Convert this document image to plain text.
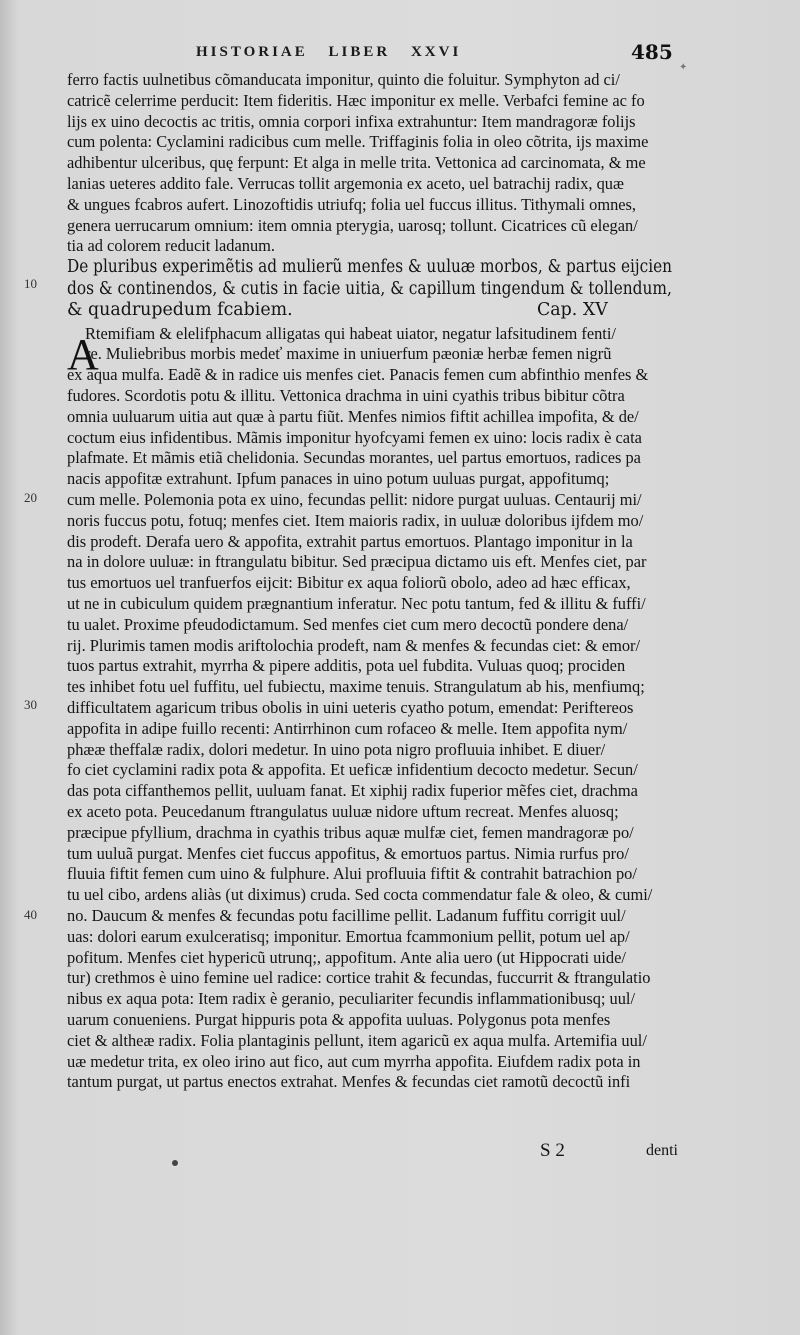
✦
HISTORIAE LIBER XXVI	485
10
20
30
40
ferro factis uulnetibus cõmanducata imponitur, quinto die foluitur. Symphyton ad ci/
catricẽ celerrime perducit: Item fideritis. Hæc imponitur ex melle. Verbafci femine ac fo
lijs ex uino decoctis ac tritis, omnia corpori infixa extrahuntur: Item mandragoræ folijs
cum polenta: Cyclamini radicibus cum melle. Triffaginis folia in oleo cõtrita, ijs maxime
adhibentur ulceribus, quę ferpunt: Et alga in melle trita. Vettonica ad carcinomata, & me
lanias ueteres addito fale. Verrucas tollit argemonia ex aceto, uel batrachij radix, quæ
& ungues fcabros aufert. Linozoftidis utriufq; folia uel fuccus illitus. Tithymali omnes,
genera uerrucarum omnium: item omnia pterygia, uarosq; tollunt. Cicatrices cũ elegan/
tia ad colorem reducit ladanum.
De pluribus experimẽtis ad mulierũ menfes & uuluæ morbos, & partus eijcien
dos & continendos, & cutis in facie uitia, & capillum tingendum & tollendum,
& quadrupedum fcabiem.	Cap. XV
Rtemifiam & elelifphacum alligatas qui habeat uiator, negatur lafsitudinem fenti/
re. Muliebribus morbis medeť maxime in uniuerfum pæoniæ herbæ femen nigrũ
ex aqua mulfa. Eadẽ & in radice uis menfes ciet. Panacis femen cum abfinthio menfes &
fudores. Scordotis potu & illitu. Vettonica drachma in uini cyathis tribus bibitur cõtra
omnia uuluarum uitia aut quæ à partu fiũt. Menfes nimios fiftit achillea impofita, & de/
coctum eius infidentibus. Mãmis imponitur hyofcyami femen ex uino: locis radix è cata
plafmate. Et mãmis etiã chelidonia. Secundas morantes, uel partus emortuos, radices pa
nacis appofitæ extrahunt. Ipfum panaces in uino potum uuluas purgat, appofitumq;
cum melle. Polemonia pota ex uino, fecundas pellit: nidore purgat uuluas. Centaurij mi/
noris fuccus potu, fotuq; menfes ciet. Item maioris radix, in uuluæ doloribus ijfdem mo/
dis prodeft. Derafa uero & appofita, extrahit partus emortuos. Plantago imponitur in la
na in dolore uuluæ: in ftrangulatu bibitur. Sed præcipua dictamo uis eft. Menfes ciet, par
tus emortuos uel tranfuerfos eijcit: Bibitur ex aqua foliorũ obolo, adeo ad hæc efficax,
ut ne in cubiculum quidem prægnantium inferatur. Nec potu tantum, fed & illitu & fuffi/
tu ualet. Proxime pfeudodictamum. Sed menfes ciet cum mero decoctũ pondere dena/
rij. Plurimis tamen modis ariftolochia prodeft, nam & menfes & fecundas ciet: & emor/
tuos partus extrahit, myrrha & pipere additis, pota uel fubdita. Vuluas quoq; prociden
tes inhibet fotu uel fuffitu, uel fubiectu, maxime tenuis. Strangulatum ab his, menfiumq;
difficultatem agaricum tribus obolis in uini ueteris cyatho potum, emendat: Periftereos
appofita in adipe fuillo recenti: Antirrhinon cum rofaceo & melle. Item appofita nym/
phææ theffalæ radix, dolori medetur. In uino pota nigro profluuia inhibet. E diuer/
fo ciet cyclamini radix pota & appofita. Et ueficæ infidentium decocto medetur. Secun/
das pota ciffanthemos pellit, uuluam fanat. Et xiphij radix fuperior mẽfes ciet, drachma
ex aceto pota. Peucedanum ftrangulatus uuluæ nidore uftum recreat. Menfes aluosq;
præcipue pfyllium, drachma in cyathis tribus aquæ mulfæ ciet, femen mandragoræ po/
tum uuluã purgat. Menfes ciet fuccus appofitus, & emortuos partus. Nimia rurfus pro/
fluuia fiftit femen cum uino & fulphure. Alui profluuia fiftit & contrahit batrachion po/
tu uel cibo, ardens aliàs (ut diximus) cruda. Sed cocta commendatur fale & oleo, & cumi/
no. Daucum & menfes & fecundas potu facillime pellit. Ladanum fuffitu corrigit uul/
uas: dolori earum exulceratisq; imponitur. Emortua fcammonium pellit, potum uel ap/
pofitum. Menfes ciet hypericũ utrunq;, appofitum. Ante alia uero (ut Hippocrati uide/
tur) crethmos è uino femine uel radice: cortice trahit & fecundas, fuccurrit & ftrangulatio
nibus ex aqua pota: Item radix è geranio, peculiariter fecundis inflammationibusq; uul/
uarum conueniens. Purgat hippuris pota & appofita uuluas. Polygonus pota menfes
ciet & altheæ radix. Folia plantaginis pellunt, item agaricũ ex aqua mulfa. Artemifia uul/
uæ medetur trita, ex oleo irino aut fico, aut cum myrrha appofita. Eiufdem radix pota in
tantum purgat, ut partus enectos extrahat. Menfes & fecundas ciet ramotũ decoctũ infi
A
S 2	denti
